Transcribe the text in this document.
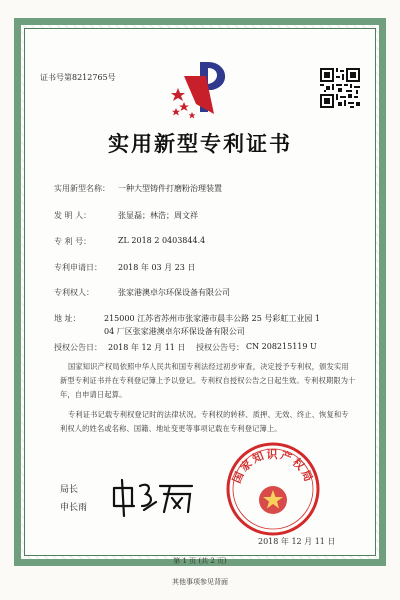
证书号第8212765号
实用新型专利证书
实用新型名称： 一种大型铸件打磨粉治理装置
发 明 人：	张显磊；林浩；周文祥
专 利 号：	ZL 2018 2 0403844.4
专利申请日： 2018 年 03 月 23 日
专利权人：	张家港澳卓尔环保设备有限公司
地 址：	215000 江苏省苏州市张家港市晨丰公路 25 号彩虹工业园 1
04 厂区张家港澳卓尔环保设备有限公司
授权公告日： 2018 年 12 月 11 日 授权公告号： CN 208215119 U
国家知识产权局依照中华人民共和国专利法经过初步审查，决定授予专利权，颁发实用
新型专利证书并在专利登记簿上予以登记。专利权自授权公告之日起生效。专利权期限为十
年，自申请日起算。
专利证书记载专利权登记时的法律状况。专利权的转移、质押、无效、终止、恢复和专
利权人的姓名或名称、国籍、地址变更等事项记载在专利登记簿上。
局长
申长雨
国家知识产权局
2018 年 12 月 11 日
第 1 页 (共 2 页)
其他事项参见背面
